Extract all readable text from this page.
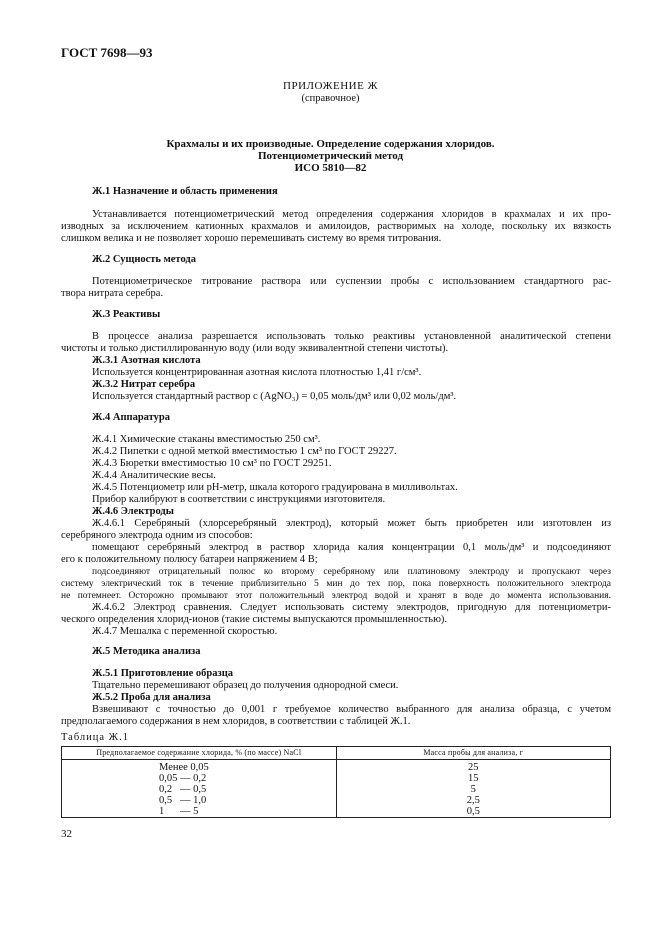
ГОСТ 7698—93
ПРИЛОЖЕНИЕ Ж
(справочное)
Крахмалы и их производные. Определение содержания хлоридов.
Потенциометрический метод
ИСО 5810—82
Ж.1 Назначение и область применения
Устанавливается потенциометрический метод определения содержания хлоридов в крахмалах и их про-
изводных за исключением катионных крахмалов и амилоидов, растворимых на холоде, поскольку их вязкость
слишком велика и не позволяет хорошо перемешивать систему во время титрования.
Ж.2 Сущность метода
Потенциометрическое титрование раствора или суспензии пробы с использованием стандартного рас-
твора нитрата серебра.
Ж.3 Реактивы
В процессе анализа разрешается использовать только реактивы установленной аналитической степени
чистоты и только дистиллированную воду (или воду эквивалентной степени чистоты).
Ж.3.1 Азотная кислота
Используется концентрированная азотная кислота плотностью 1,41 г/см³.
Ж.3.2 Нитрат серебра
Используется стандартный раствор c (AgNO₃) = 0,05 моль/дм³ или 0,02 моль/дм³.
Ж.4 Аппаратура
Ж.4.1 Химические стаканы вместимостью 250 см³.
Ж.4.2 Пипетки с одной меткой вместимостью 1 см³ по ГОСТ 29227.
Ж.4.3 Бюретки вместимостью 10 см³ по ГОСТ 29251.
Ж.4.4 Аналитические весы.
Ж.4.5 Потенциометр или pH-метр, шкала которого градуирована в милливольтах.
Прибор калибруют в соответствии с инструкциями изготовителя.
Ж.4.6 Электроды
Ж.4.6.1 Серебряный (хлорсеребряный электрод), который может быть приобретен или изготовлен из
серебряного электрода одним из способов:
помещают серебряный электрод в раствор хлорида калия концентрации 0,1 моль/дм³ и подсоединяют
его к положительному полюсу батареи напряжением 4 В;
подсоединяют отрицательный полюс ко второму серебряному или платиновому электроду и пропускают через
систему электрический ток в течение приблизительно 5 мин до тех пор, пока поверхность положительного электрода
не потемнеет. Осторожно промывают этот положительный электрод водой и хранят в воде до момента использования.
Ж.4.6.2 Электрод сравнения. Следует использовать систему электродов, пригодную для потенциометри-
ческого определения хлорид-ионов (такие системы выпускаются промышленностью).
Ж.4.7 Мешалка с переменной скоростью.
Ж.5 Методика анализа
Ж.5.1 Приготовление образца
Тщательно перемешивают образец до получения однородной смеси.
Ж.5.2 Проба для анализа
Взвешивают с точностью до 0,001 г требуемое количество выбранного для анализа образца, с учетом
предполагаемого содержания в нем хлоридов, в соответствии с таблицей Ж.1.
Таблица Ж.1
Предполагаемое содержание хлорида, % (по массе) NaCl	Масса пробы для анализа, г
Менее 0,05	25
0,05 — 0,2	15
0,2   — 0,5	5
0,5   — 1,0	2,5
1      — 5	0,5
32
